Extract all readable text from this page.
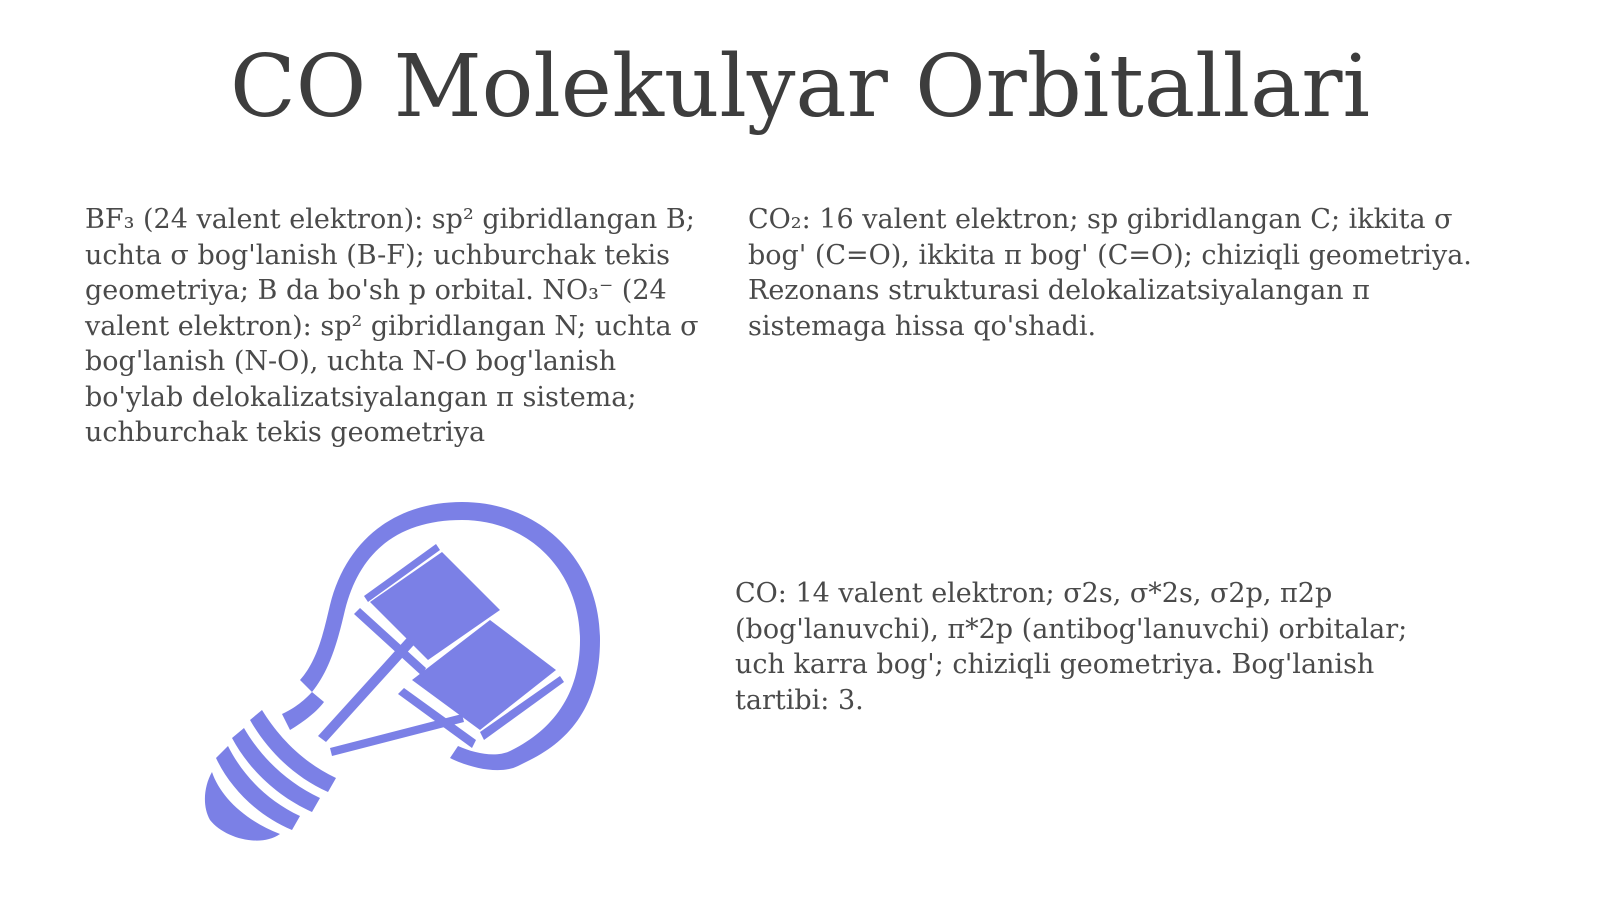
CO Molekulyar Orbitallari

BF₃ (24 valent elektron): sp² gibridlangan B; uchta σ bog'lanish (B-F); uchburchak tekis geometriya; B da bo'sh p orbital. NO₃⁻ (24 valent elektron): sp² gibridlangan N; uchta σ bog'lanish (N-O), uchta N-O bog'lanish bo'ylab delokalizatsiyalangan π sistema; uchburchak tekis geometriya

CO₂: 16 valent elektron; sp gibridlangan C; ikkita σ bog' (C=O), ikkita π bog' (C=O); chiziqli geometriya. Rezonans strukturasi delokalizatsiyalangan π sistemaga hissa qo'shadi.

CO: 14 valent elektron; σ2s, σ*2s, σ2p, π2p (bog'lanuvchi), π*2p (antibog'lanuvchi) orbitalar; uch karra bog'; chiziqli geometriya. Bog'lanish tartibi: 3.
